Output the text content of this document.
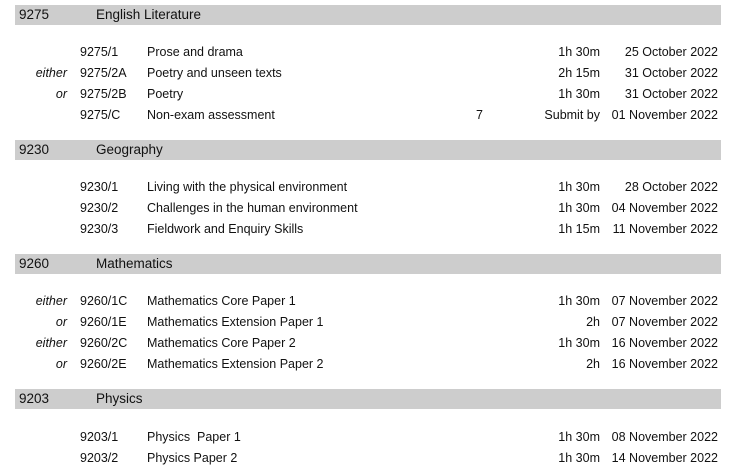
9275	English Literature
9275/1 Prose and drama	1h 30m 25 October 2022
either 9275/2A Poetry and unseen texts	2h 15m 31 October 2022
or 9275/2B Poetry	1h 30m 31 October 2022
9275/C Non-exam assessment	7	Submit by 01 November 2022
9230	Geography
9230/1 Living with the physical environment	1h 30m 28 October 2022
9230/2 Challenges in the human environment	1h 30m 04 November 2022
9230/3 Fieldwork and Enquiry Skills	1h 15m 11 November 2022
9260	Mathematics
either 9260/1C Mathematics Core Paper 1	1h 30m 07 November 2022
or 9260/1E Mathematics Extension Paper 1	2h 07 November 2022
either 9260/2C Mathematics Core Paper 2	1h 30m 16 November 2022
or 9260/2E Mathematics Extension Paper 2	2h 16 November 2022
9203	Physics
9203/1 Physics  Paper 1	1h 30m 08 November 2022
9203/2 Physics Paper 2	1h 30m 14 November 2022
